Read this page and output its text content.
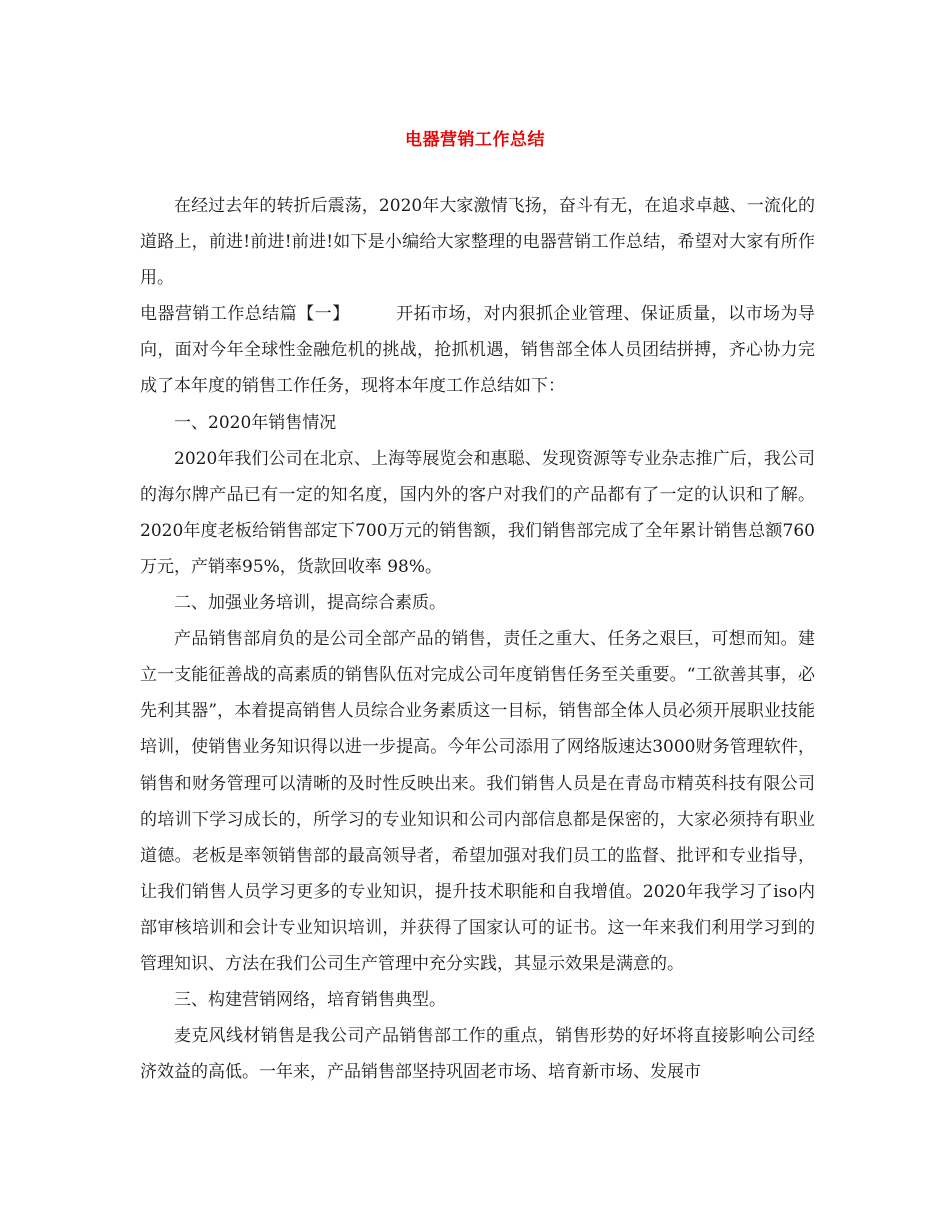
电器营销工作总结

在经过去年的转折后震荡，2020年大家激情飞扬，奋斗有无，在追求卓越、一流化的道路上，前进!前进!前进!如下是小编给大家整理的电器营销工作总结，希望对大家有所作用。

电器营销工作总结篇【一】	开拓市场，对内狠抓企业管理、保证质量，以市场为导向，面对今年全球性金融危机的挑战，抢抓机遇，销售部全体人员团结拼搏，齐心协力完成了本年度的销售工作任务，现将本年度工作总结如下：

一、2020年销售情况

2020年我们公司在北京、上海等展览会和惠聪、发现资源等专业杂志推广后，我公司的海尔牌产品已有一定的知名度，国内外的客户对我们的产品都有了一定的认识和了解。2020年度老板给销售部定下700万元的销售额，我们销售部完成了全年累计销售总额760万元，产销率95%，货款回收率 98%。

二、加强业务培训，提高综合素质。

产品销售部肩负的是公司全部产品的销售，责任之重大、任务之艰巨，可想而知。建立一支能征善战的高素质的销售队伍对完成公司年度销售任务至关重要。“工欲善其事，必先利其器”，本着提高销售人员综合业务素质这一目标，销售部全体人员必须开展职业技能培训，使销售业务知识得以进一步提高。今年公司添用了网络版速达3000财务管理软件，销售和财务管理可以清晰的及时性反映出来。我们销售人员是在青岛市精英科技有限公司的培训下学习成长的，所学习的专业知识和公司内部信息都是保密的，大家必须持有职业道德。老板是率领销售部的最高领导者，希望加强对我们员工的监督、批评和专业指导，让我们销售人员学习更多的专业知识，提升技术职能和自我增值。2020年我学习了iso内部审核培训和会计专业知识培训，并获得了国家认可的证书。这一年来我们利用学习到的管理知识、方法在我们公司生产管理中充分实践，其显示效果是满意的。

三、构建营销网络，培育销售典型。

麦克风线材销售是我公司产品销售部工作的重点，销售形势的好坏将直接影响公司经济效益的高低。一年来，产品销售部坚持巩固老市场、培育新市场、发展市
